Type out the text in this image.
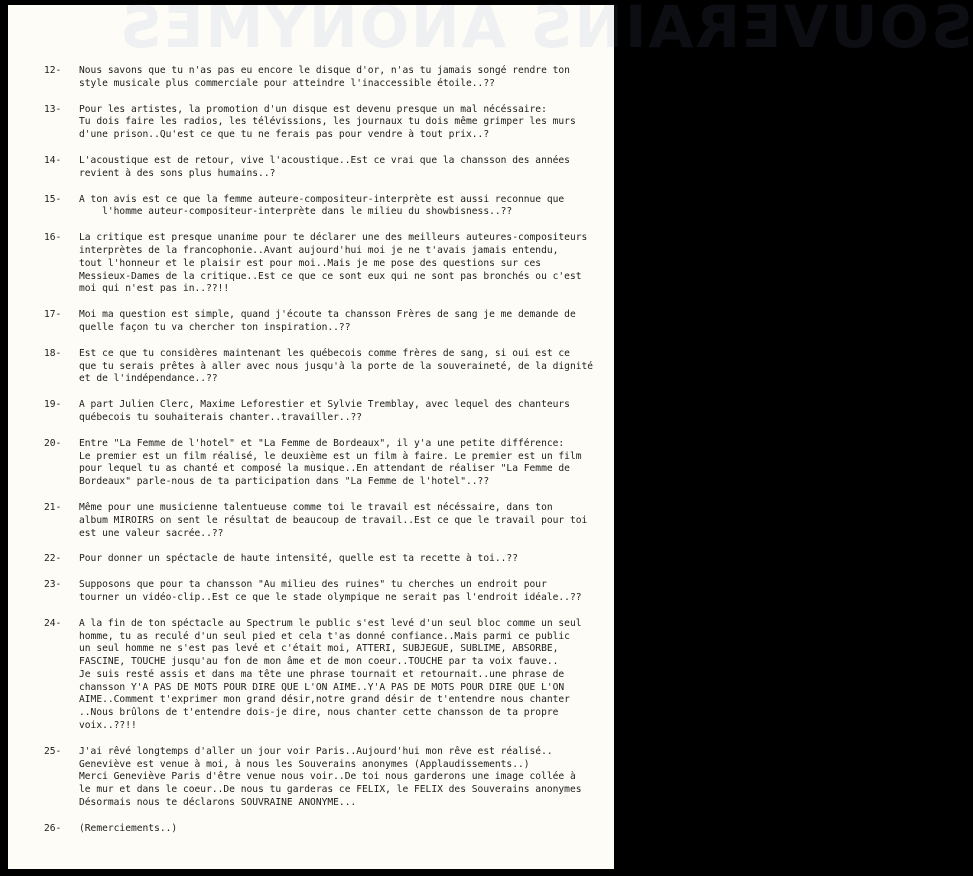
SOUVERAINS ANONYMES
12-	Nous savons que tu n'as pas eu encore le disque d'or, n'as tu jamais songé rendre ton
style musicale plus commerciale pour atteindre l'inaccessible étoile..??
13-	Pour les artistes, la promotion d'un disque est devenu presque un mal nécéssaire:
Tu dois faire les radios, les télévissions, les journaux tu dois même grimper les murs
d'une prison..Qu'est ce que tu ne ferais pas pour vendre à tout prix..?
14-	L'acoustique est de retour, vive l'acoustique..Est ce vrai que la chansson des années
revient à des sons plus humains..?
15-	A ton avis est ce que la femme auteure-compositeur-interprète est aussi reconnue que
l'homme auteur-compositeur-interprète dans le milieu du showbisness..??
16-	La critique est presque unanime pour te déclarer une des meilleurs auteures-compositeurs
interprètes de la francophonie..Avant aujourd'hui moi je ne t'avais jamais entendu,
tout l'honneur et le plaisir est pour moi..Mais je me pose des questions sur ces
Messieux-Dames de la critique..Est ce que ce sont eux qui ne sont pas bronchés ou c'est
moi qui n'est pas in..??!!
17-	Moi ma question est simple, quand j'écoute ta chansson Frères de sang je me demande de
quelle façon tu va chercher ton inspiration..??
18-	Est ce que tu considères maintenant les québecois comme frères de sang, si oui est ce
que tu serais prêtes à aller avec nous jusqu'à la porte de la souveraineté, de la dignité
et de l'indépendance..??
19-	A part Julien Clerc, Maxime Leforestier et Sylvie Tremblay, avec lequel des chanteurs
québecois tu souhaiterais chanter..travailler..??
20-	Entre "La Femme de l'hotel" et "La Femme de Bordeaux", il y'a une petite différence:
Le premier est un film réalisé, le deuxième est un film à faire. Le premier est un film
pour lequel tu as chanté et composé la musique..En attendant de réaliser "La Femme de
Bordeaux" parle-nous de ta participation dans "La Femme de l'hotel"..??
21-	Même pour une musicienne talentueuse comme toi le travail est nécéssaire, dans ton
album MIROIRS on sent le résultat de beaucoup de travail..Est ce que le travail pour toi
est une valeur sacrée..??
22-	Pour donner un spéctacle de haute intensité, quelle est ta recette à toi..??
23-	Supposons que pour ta chansson "Au milieu des ruines" tu cherches un endroit pour
tourner un vidéo-clip..Est ce que le stade olympique ne serait pas l'endroit idéale..??
24-	A la fin de ton spéctacle au Spectrum le public s'est levé d'un seul bloc comme un seul
homme, tu as reculé d'un seul pied et cela t'as donné confiance..Mais parmi ce public
un seul homme ne s'est pas levé et c'était moi, ATTERI, SUBJEGUE, SUBLIME, ABSORBE,
FASCINE, TOUCHE jusqu'au fon de mon âme et de mon coeur..TOUCHE par ta voix fauve..
Je suis resté assis et dans ma tête une phrase tournait et retournait..une phrase de
chansson Y'A PAS DE MOTS POUR DIRE QUE L'ON AIME..Y'A PAS DE MOTS POUR DIRE QUE L'ON
AIME..Comment t'exprimer mon grand désir,notre grand désir de t'entendre nous chanter
..Nous brûlons de t'entendre dois-je dire, nous chanter cette chansson de ta propre
voix..??!!
25-	J'ai rêvé longtemps d'aller un jour voir Paris..Aujourd'hui mon rêve est réalisé..
Geneviève est venue à moi, à nous les Souverains anonymes (Applaudissements..)
Merci Geneviève Paris d'être venue nous voir..De toi nous garderons une image collée à
le mur et dans le coeur..De nous tu garderas ce FELIX, le FELIX des Souverains anonymes
Désormais nous te déclarons SOUVRAINE ANONYME...
26-	(Remerciements..)
